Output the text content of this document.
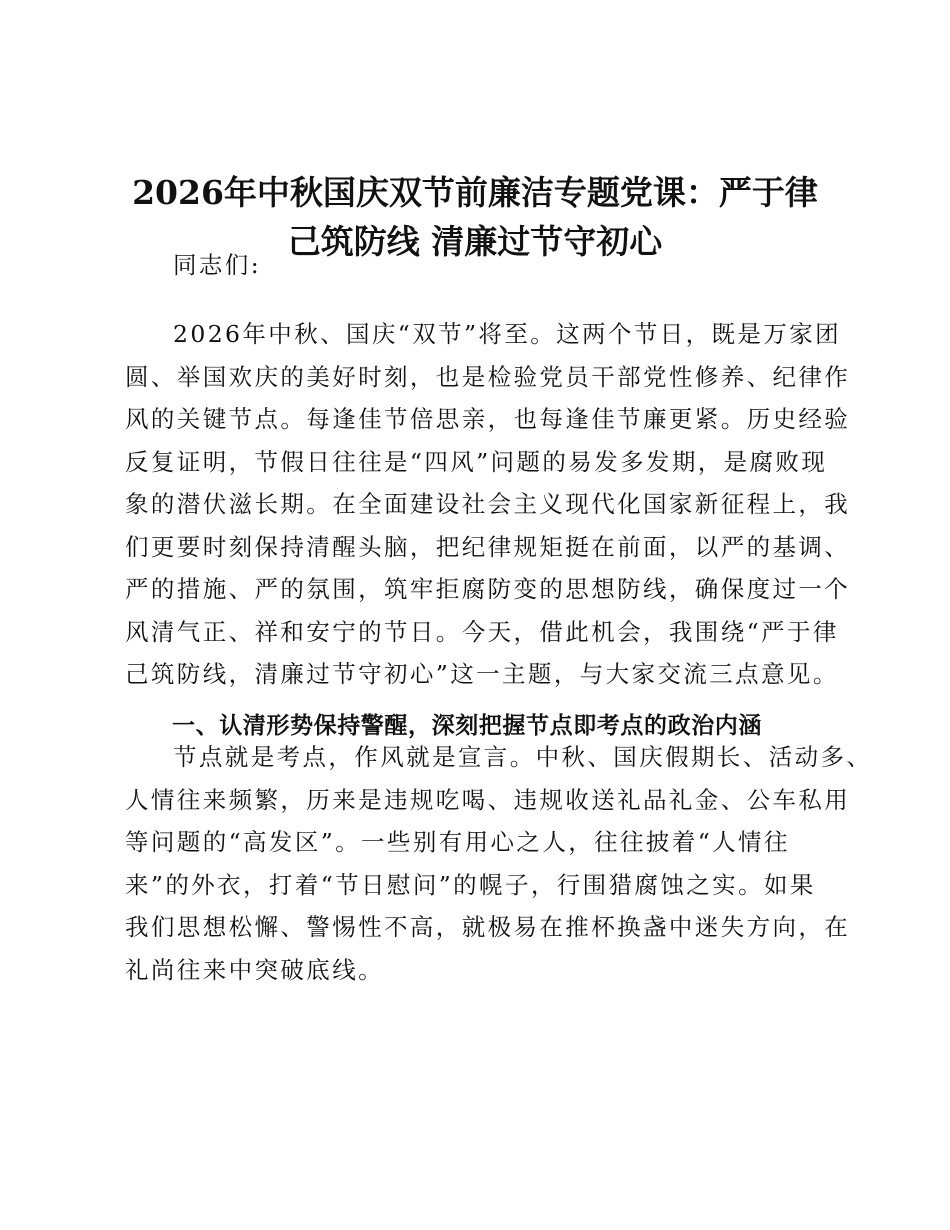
2026年中秋国庆双节前廉洁专题党课：严于律
己筑防线 清廉过节守初心
同志们:
2026年中秋、国庆“双节”将至。这两个节日，既是万家团
圆、举国欢庆的美好时刻，也是检验党员干部党性修养、纪律作
风的关键节点。每逢佳节倍思亲，也每逢佳节廉更紧。历史经验
反复证明，节假日往往是“四风”问题的易发多发期，是腐败现
象的潜伏滋长期。在全面建设社会主义现代化国家新征程上，我
们更要时刻保持清醒头脑，把纪律规矩挺在前面，以严的基调、
严的措施、严的氛围，筑牢拒腐防变的思想防线，确保度过一个
风清气正、祥和安宁的节日。今天，借此机会，我围绕“严于律
己筑防线，清廉过节守初心”这一主题，与大家交流三点意见。
一、认清形势保持警醒，深刻把握节点即考点的政治内涵
节点就是考点，作风就是宣言。中秋、国庆假期长、活动多、
人情往来频繁，历来是违规吃喝、违规收送礼品礼金、公车私用
等问题的“高发区”。一些别有用心之人，往往披着“人情往
来”的外衣，打着“节日慰问”的幌子，行围猎腐蚀之实。如果
我们思想松懈、警惕性不高，就极易在推杯换盏中迷失方向，在
礼尚往来中突破底线。
